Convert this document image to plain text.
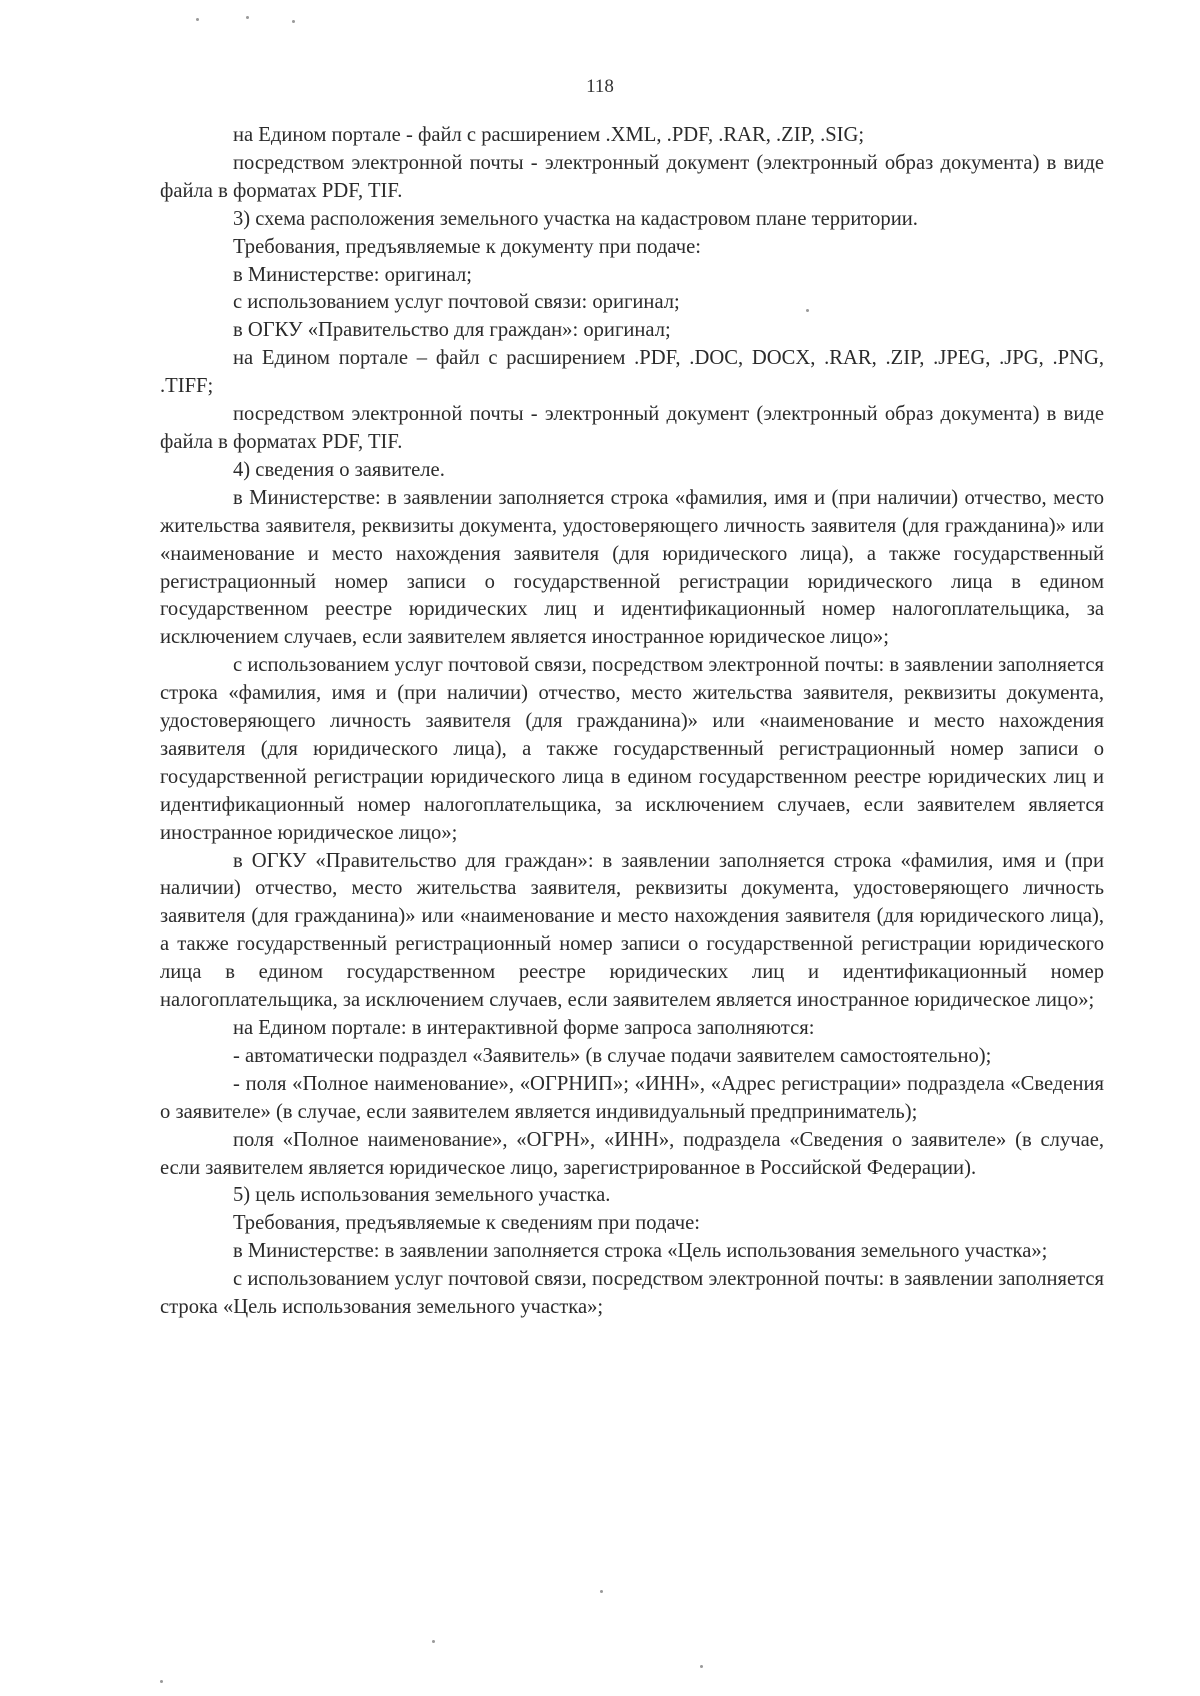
118

на Едином портале - файл с расширением .XML, .PDF, .RAR, .ZIP, .SIG;

посредством электронной почты - электронный документ (электронный образ документа) в виде файла в форматах PDF, TIF.

3) схема расположения земельного участка на кадастровом плане территории.

Требования, предъявляемые к документу при подаче:

в Министерстве: оригинал;

с использованием услуг почтовой связи: оригинал;

в ОГКУ «Правительство для граждан»: оригинал;

на Едином портале – файл с расширением .PDF, .DOC, DOCX, .RAR, .ZIP, .JPEG, .JPG, .PNG, .TIFF;

посредством электронной почты - электронный документ (электронный образ документа) в виде файла в форматах PDF, TIF.

4) сведения о заявителе.

в Министерстве: в заявлении заполняется строка «фамилия, имя и (при наличии) отчество, место жительства заявителя, реквизиты документа, удостоверяющего личность заявителя (для гражданина)» или «наименование и место нахождения заявителя (для юридического лица), а также государственный регистрационный номер записи о государственной регистрации юридического лица в едином государственном реестре юридических лиц и идентификационный номер налогоплательщика, за исключением случаев, если заявителем является иностранное юридическое лицо»;

с использованием услуг почтовой связи, посредством электронной почты: в заявлении заполняется строка «фамилия, имя и (при наличии) отчество, место жительства заявителя, реквизиты документа, удостоверяющего личность заявителя (для гражданина)» или «наименование и место нахождения заявителя (для юридического лица), а также государственный регистрационный номер записи о государственной регистрации юридического лица в едином государственном реестре юридических лиц и идентификационный номер налогоплательщика, за исключением случаев, если заявителем является иностранное юридическое лицо»;

в ОГКУ «Правительство для граждан»: в заявлении заполняется строка «фамилия, имя и (при наличии) отчество, место жительства заявителя, реквизиты документа, удостоверяющего личность заявителя (для гражданина)» или «наименование и место нахождения заявителя (для юридического лица), а также государственный регистрационный номер записи о государственной регистрации юридического лица в едином государственном реестре юридических лиц и идентификационный номер налогоплательщика, за исключением случаев, если заявителем является иностранное юридическое лицо»;

на Едином портале: в интерактивной форме запроса заполняются:

- автоматически подраздел «Заявитель» (в случае подачи заявителем самостоятельно);

- поля «Полное наименование», «ОГРНИП»; «ИНН», «Адрес регистрации» подраздела «Сведения о заявителе» (в случае, если заявителем является индивидуальный предприниматель);

поля «Полное наименование», «ОГРН», «ИНН», подраздела «Сведения о заявителе» (в случае, если заявителем является юридическое лицо, зарегистрированное в Российской Федерации).

5) цель использования земельного участка.

Требования, предъявляемые к сведениям при подаче:

в Министерстве: в заявлении заполняется строка «Цель использования земельного участка»;

с использованием услуг почтовой связи, посредством электронной почты: в заявлении заполняется строка «Цель использования земельного участка»;
